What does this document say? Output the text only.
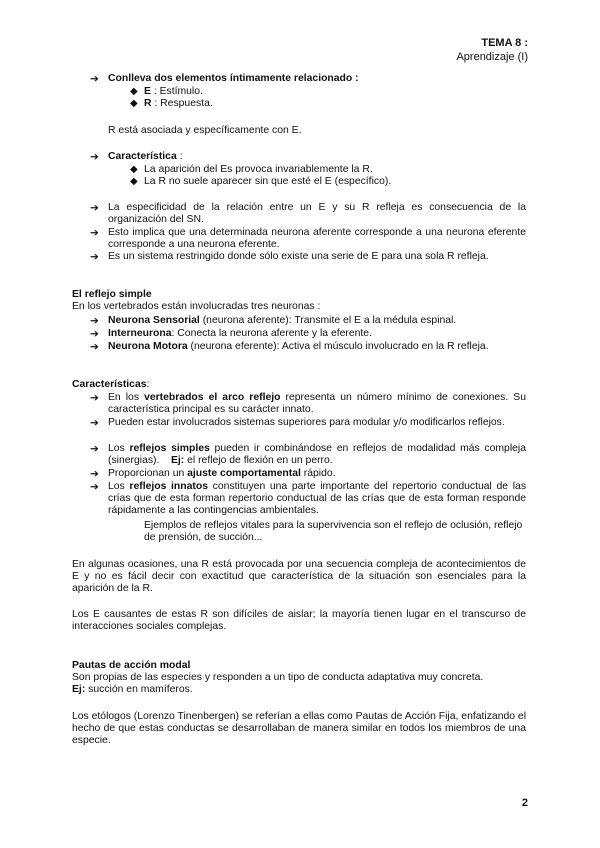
TEMA 8 :
Aprendizaje (I)
➔ Conlleva dos elementos íntimamente relacionado :
◆ E : Estímulo.
◆ R : Respuesta.
R está asociada y específicamente con E.
➔ Característica :
◆ La aparición del Es provoca invariablemente la R.
◆ La R no suele aparecer sin que esté el E (específico).
➔ La especificidad de la relación entre un E y su R refleja es consecuencia de la organización del SN.
➔ Esto implica que una determinada neurona aferente corresponde a una neurona eferente corresponde a una neurona eferente.
➔ Es un sistema restringido donde sólo existe una serie de E para una sola R refleja.
El reflejo simple
En los vertebrados están involucradas tres neuronas :
➔ Neurona Sensorial (neurona aferente): Transmite el E a la médula espinal.
➔ Interneurona: Conecta la neurona aferente y la eferente.
➔ Neurona Motora (neurona eferente): Activa el músculo involucrado en la R refleja.
Características:
➔ En los vertebrados el arco reflejo representa un número mínimo de conexiones. Su característica principal es su carácter innato.
➔ Pueden estar involucrados sistemas superiores para modular y/o modificarlos reflejos.
➔ Los reflejos simples pueden ir combinándose en reflejos de modalidad más compleja (sinergias). Ej: el reflejo de flexión en un perro.
➔ Proporcionan un ajuste comportamental rápido.
➔ Los reflejos innatos constituyen una parte importante del repertorio conductual de las crías que de esta forman repertorio conductual de las crías que de esta forman responde rápidamente a las contingencias ambientales.
Ejemplos de reflejos vitales para la supervivencia son el reflejo de oclusión, reflejo de prensión, de succión...
En algunas ocasiones, una R está provocada por una secuencia compleja de acontecimientos de E y no es fácil decir con exactitud que característica de la situación son esenciales para la aparición de la R.
Los E causantes de estas R son difíciles de aislar; la mayoría tienen lugar en el transcurso de interacciones sociales complejas.
Pautas de acción modal
Son propias de las especies y responden a un tipo de conducta adaptativa muy concreta.
Ej: succión en mamíferos.
Los etólogos (Lorenzo Tinenbergen) se referían a ellas como Pautas de Acción Fija, enfatizando el hecho de que estas conductas se desarrollaban de manera similar en todos los miembros de una especie.
2
